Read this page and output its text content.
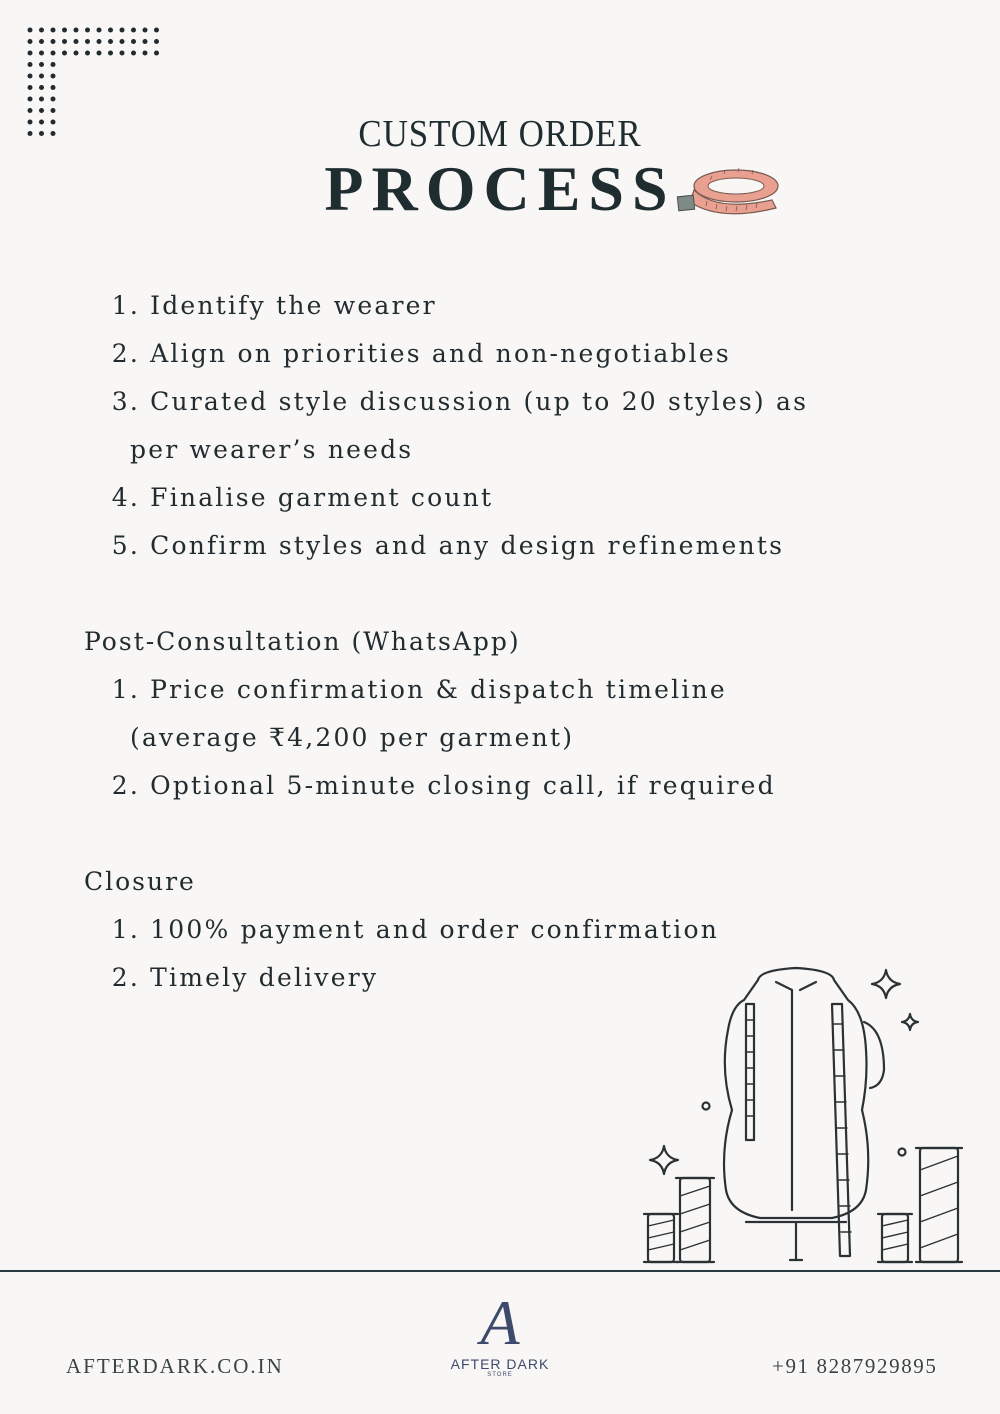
CUSTOM ORDER
PROCESS
1. Identify the wearer
2. Align on priorities and non-negotiables
3. Curated style discussion (up to 20 styles) as
4. Finalise garment count
5. Confirm styles and any design refinements
per wearer’s needs
Post-Consultation (WhatsApp)
1. Price confirmation & dispatch timeline
2. Optional 5-minute closing call, if required
(average ₹4,200 per garment)
Closure
1. 100% payment and order confirmation
2. Timely delivery
AFTERDARK.CO.IN
A
AFTER DARK
STORE	+91 8287929895
